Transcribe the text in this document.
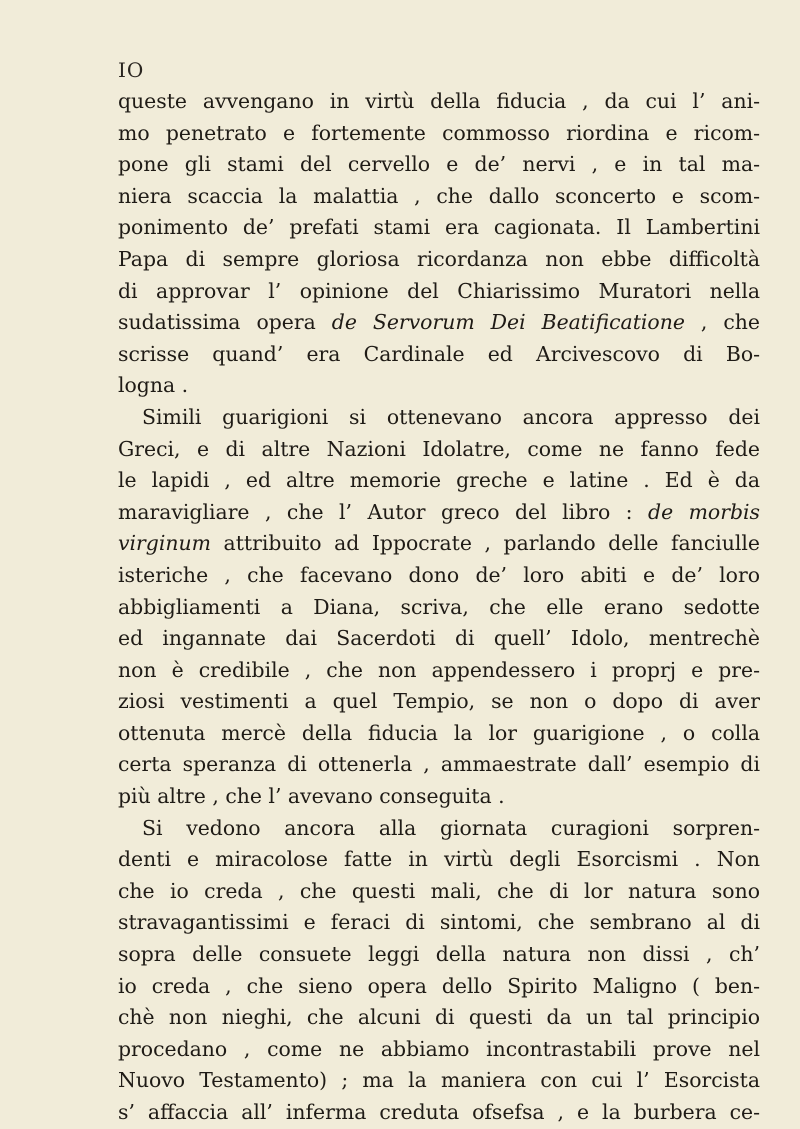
IO
queste avvengano in virtù della fiducia , da cui l’ ani-
mo penetrato e fortemente commosso riordina e ricom-
pone gli stami del cervello e de’ nervi , e in tal ma-
niera scaccia la malattia , che dallo sconcerto e scom-
ponimento de’ prefati stami era cagionata. Il Lambertini
Papa di sempre gloriosa ricordanza non ebbe difficoltà
di approvar l’ opinione del Chiarissimo Muratori nella
sudatissima opera de Servorum Dei Beatificatione , che
scrisse quand’ era Cardinale ed Arcivescovo di Bo-
logna .
Simili guarigioni si ottenevano ancora appresso dei
Greci, e di altre Nazioni Idolatre, come ne fanno fede
le lapidi , ed altre memorie greche e latine . Ed è da
maravigliare , che l’ Autor greco del libro : de morbis
virginum attribuito ad Ippocrate , parlando delle fanciulle
isteriche , che facevano dono de’ loro abiti e de’ loro
abbigliamenti a Diana, scriva, che elle erano sedotte
ed ingannate dai Sacerdoti di quell’ Idolo, mentrechè
non è credibile , che non appendessero i proprj e pre-
ziosi vestimenti a quel Tempio, se non o dopo di aver
ottenuta mercè della fiducia la lor guarigione , o colla
certa speranza di ottenerla , ammaestrate dall’ esempio di
più altre , che l’ avevano conseguita .
Si vedono ancora alla giornata curagioni sorpren-
denti e miracolose fatte in virtù degli Esorcismi . Non
che io creda , che questi mali, che di lor natura sono
stravagantissimi e feraci di sintomi, che sembrano al di
sopra delle consuete leggi della natura non dissi , ch’
io creda , che sieno opera dello Spirito Maligno ( ben-
chè non nieghi, che alcuni di questi da un tal principio
procedano , come ne abbiamo incontrastabili prove nel
Nuovo Testamento) ; ma la maniera con cui l’ Esorcista
s’ affaccia all’ inferma creduta ofsefsa , e la burbera ce-
